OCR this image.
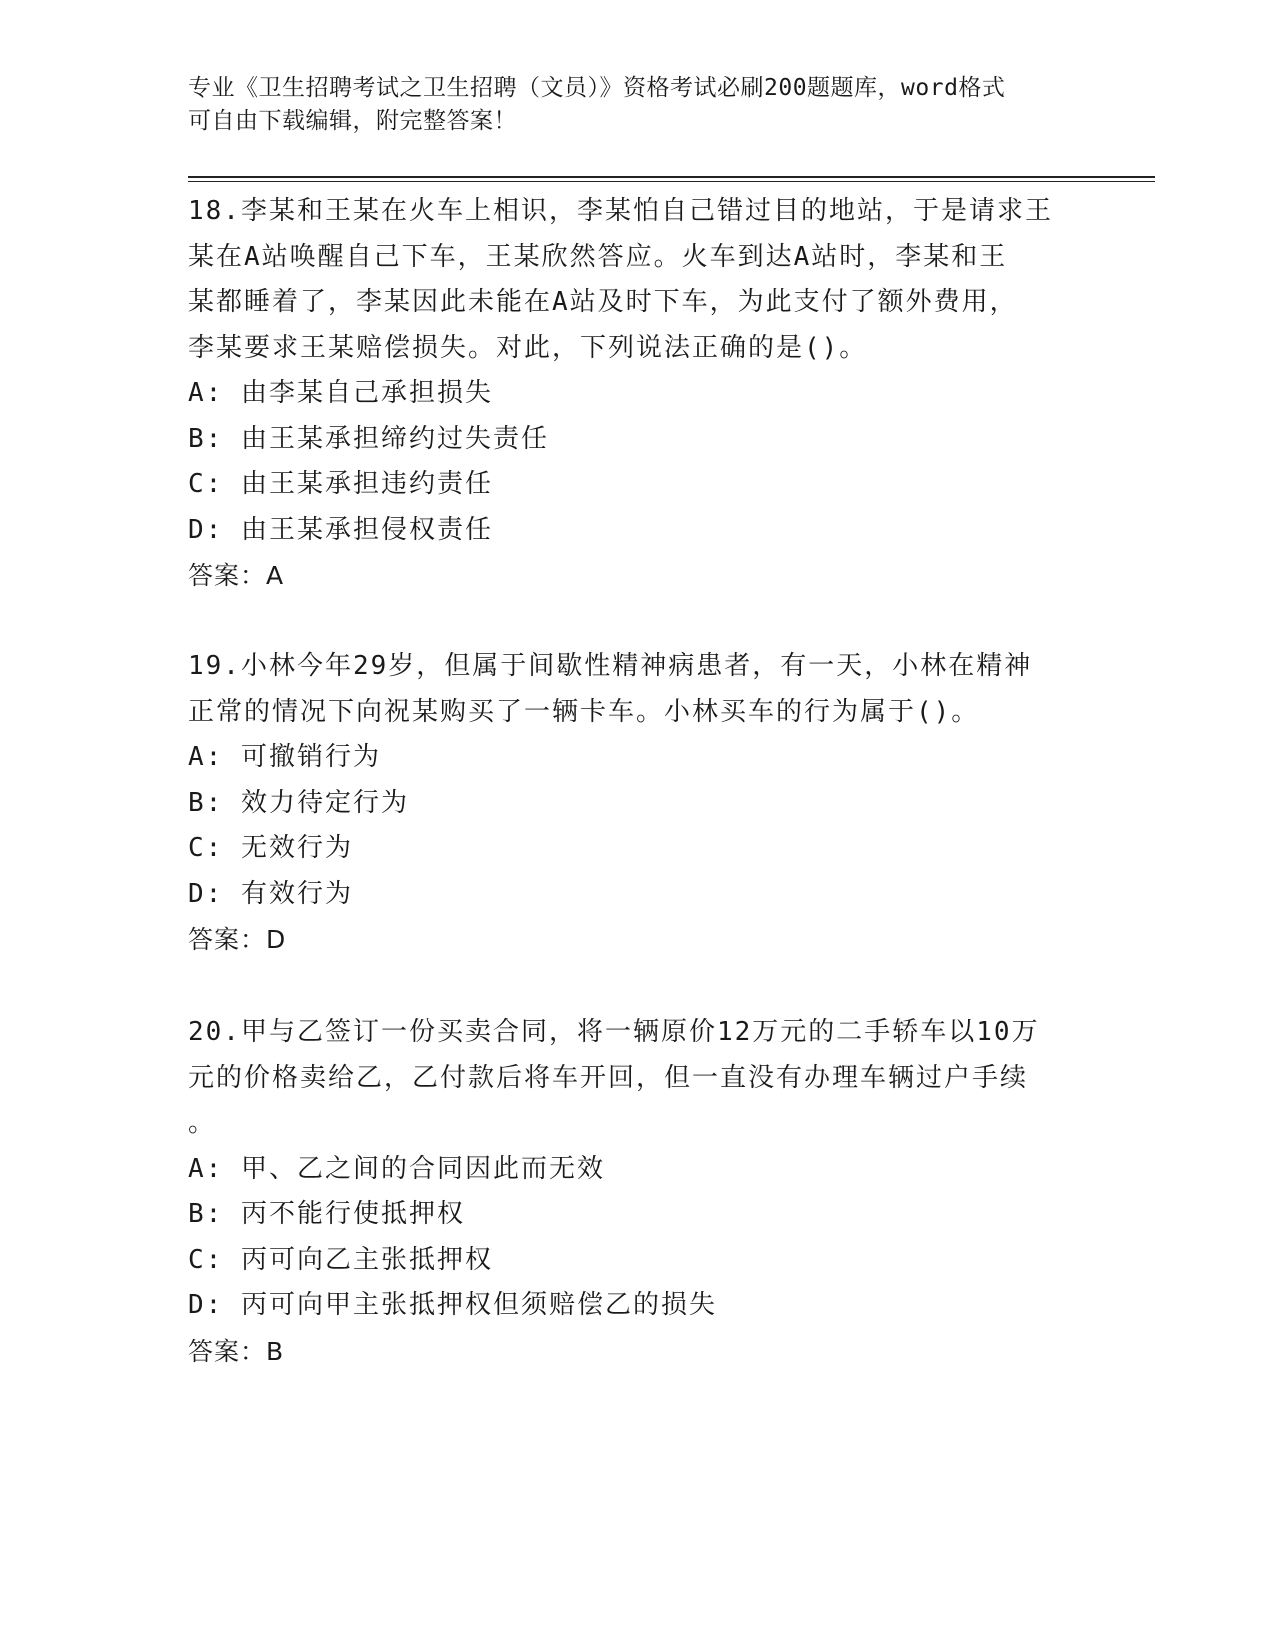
专业《卫生招聘考试之卫生招聘（文员）》资格考试必刷200题题库，word格式
可自由下载编辑，附完整答案！
18.李某和王某在火车上相识，李某怕自己错过目的地站，于是请求王
某在A站唤醒自己下车，王某欣然答应。火车到达A站时，李某和王
某都睡着了，李某因此未能在A站及时下车，为此支付了额外费用，
李某要求王某赔偿损失。对此，下列说法正确的是()。
A: 由李某自己承担损失
B: 由王某承担缔约过失责任
C: 由王某承担违约责任
D: 由王某承担侵权责任
答案：A
19.小林今年29岁，但属于间歇性精神病患者，有一天，小林在精神
正常的情况下向祝某购买了一辆卡车。小林买车的行为属于()。
A: 可撤销行为
B: 效力待定行为
C: 无效行为
D: 有效行为
答案：D
20.甲与乙签订一份买卖合同，将一辆原价12万元的二手轿车以10万
元的价格卖给乙，乙付款后将车开回，但一直没有办理车辆过户手续
。
A: 甲、乙之间的合同因此而无效
B: 丙不能行使抵押权
C: 丙可向乙主张抵押权
D: 丙可向甲主张抵押权但须赔偿乙的损失
答案：B
